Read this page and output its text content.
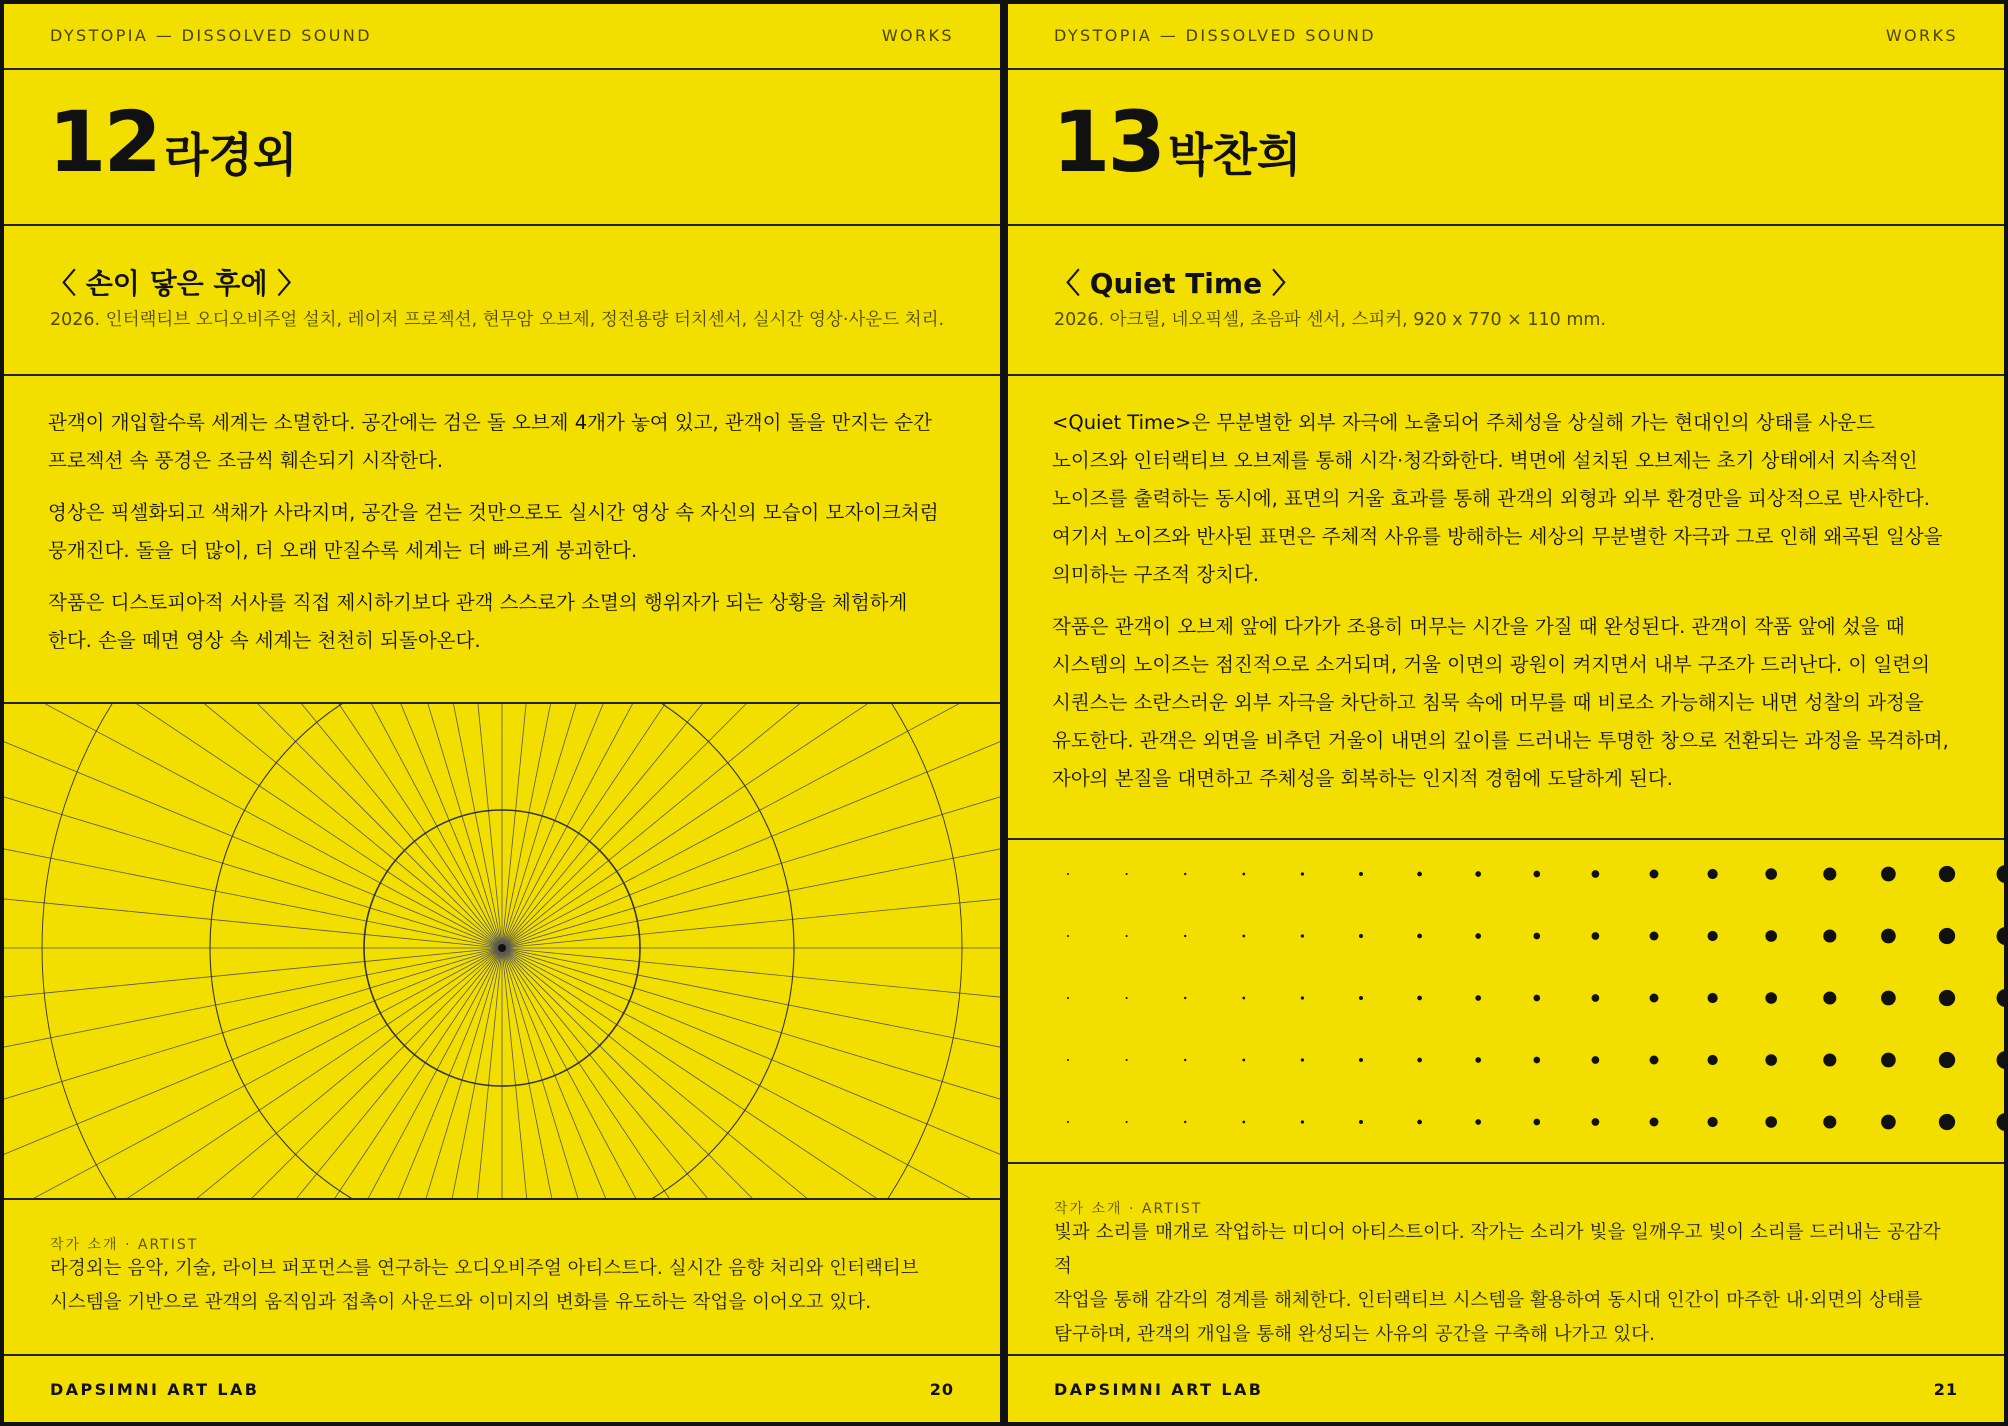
DYSTOPIA — DISSOLVED SOUND	WORKS
12 라경외
〈 손이 닿은 후에 〉
2026. 인터랙티브 오디오비주얼 설치, 레이저 프로젝션, 현무암 오브제, 정전용량 터치센서, 실시간 영상·사운드 처리.

관객이 개입할수록 세계는 소멸한다. 공간에는 검은 돌 오브제 4개가 놓여 있고, 관객이 돌을 만지는 순간
프로젝션 속 풍경은 조금씩 훼손되기 시작한다.

영상은 픽셀화되고 색채가 사라지며, 공간을 걷는 것만으로도 실시간 영상 속 자신의 모습이 모자이크처럼
뭉개진다. 돌을 더 많이, 더 오래 만질수록 세계는 더 빠르게 붕괴한다.

작품은 디스토피아적 서사를 직접 제시하기보다 관객 스스로가 소멸의 행위자가 되는 상황을 체험하게
한다. 손을 떼면 영상 속 세계는 천천히 되돌아온다.

작가 소개 · ARTIST
라경외는 음악, 기술, 라이브 퍼포먼스를 연구하는 오디오비주얼 아티스트다. 실시간 음향 처리와 인터랙티브
시스템을 기반으로 관객의 움직임과 접촉이 사운드와 이미지의 변화를 유도하는 작업을 이어오고 있다.
DAPSIMNI ART LAB	20
DYSTOPIA — DISSOLVED SOUND	WORKS
13 박찬희
〈 Quiet Time 〉
2026. 아크릴, 네오픽셀, 초음파 센서, 스피커, 920 x 770 × 110 mm.

<Quiet Time>은 무분별한 외부 자극에 노출되어 주체성을 상실해 가는 현대인의 상태를 사운드
노이즈와 인터랙티브 오브제를 통해 시각·청각화한다. 벽면에 설치된 오브제는 초기 상태에서 지속적인
노이즈를 출력하는 동시에, 표면의 거울 효과를 통해 관객의 외형과 외부 환경만을 피상적으로 반사한다.
여기서 노이즈와 반사된 표면은 주체적 사유를 방해하는 세상의 무분별한 자극과 그로 인해 왜곡된 일상을
의미하는 구조적 장치다.

작품은 관객이 오브제 앞에 다가가 조용히 머무는 시간을 가질 때 완성된다. 관객이 작품 앞에 섰을 때
시스템의 노이즈는 점진적으로 소거되며, 거울 이면의 광원이 켜지면서 내부 구조가 드러난다. 이 일련의
시퀀스는 소란스러운 외부 자극을 차단하고 침묵 속에 머무를 때 비로소 가능해지는 내면 성찰의 과정을
유도한다. 관객은 외면을 비추던 거울이 내면의 깊이를 드러내는 투명한 창으로 전환되는 과정을 목격하며,
자아의 본질을 대면하고 주체성을 회복하는 인지적 경험에 도달하게 된다.

작가 소개 · ARTIST
빛과 소리를 매개로 작업하는 미디어 아티스트이다. 작가는 소리가 빛을 일깨우고 빛이 소리를 드러내는 공감각적
작업을 통해 감각의 경계를 해체한다. 인터랙티브 시스템을 활용하여 동시대 인간이 마주한 내·외면의 상태를
탐구하며, 관객의 개입을 통해 완성되는 사유의 공간을 구축해 나가고 있다.
DAPSIMNI ART LAB	21
